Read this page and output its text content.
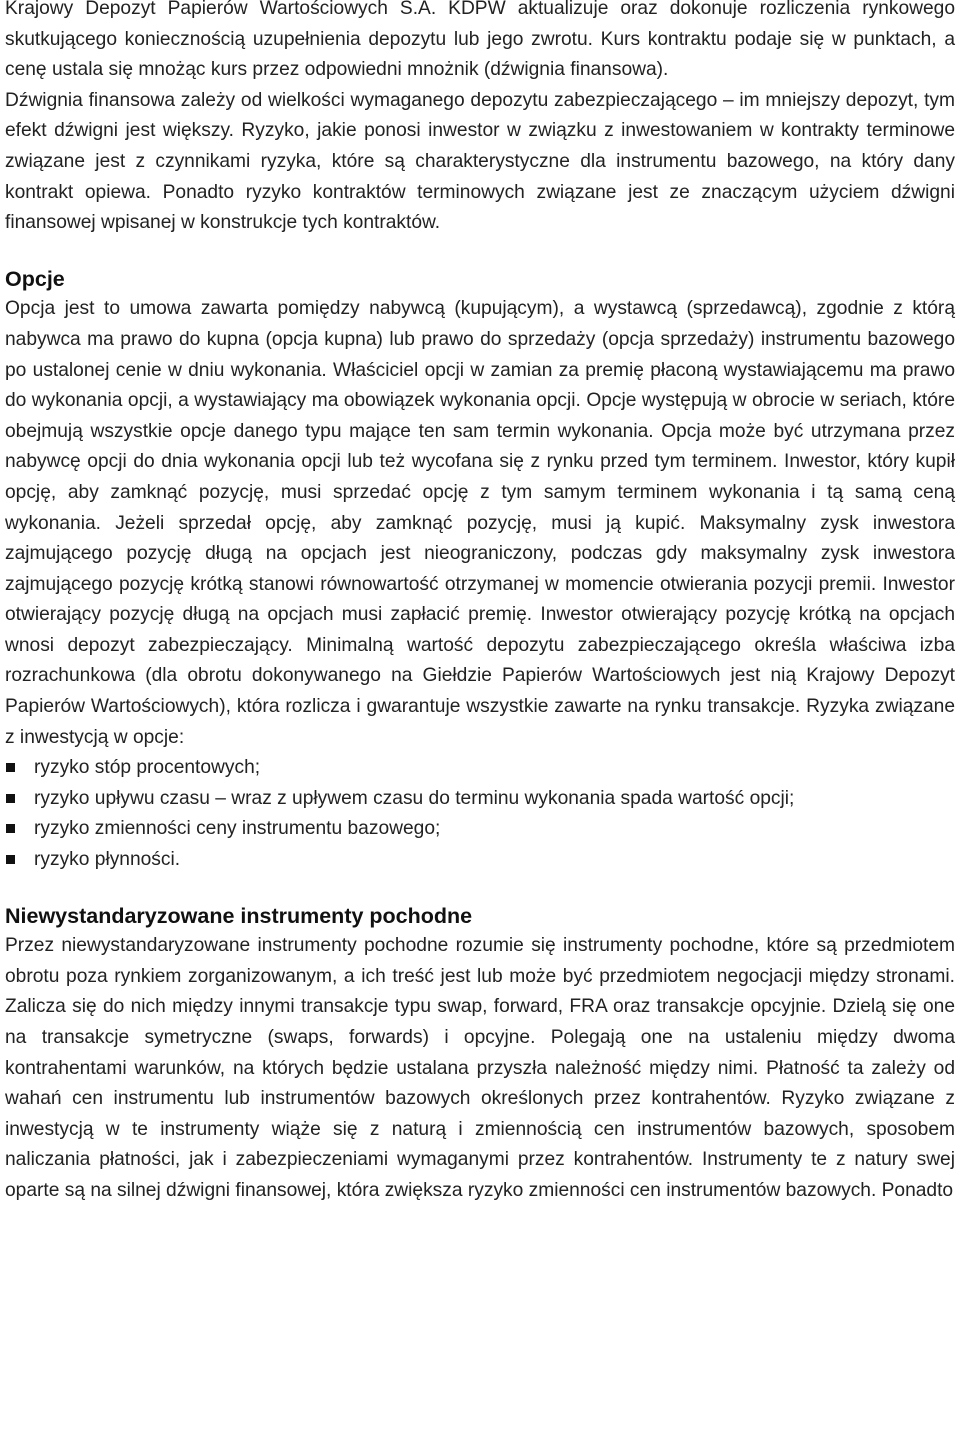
Krajowy Depozyt Papierów Wartościowych S.A. KDPW aktualizuje oraz dokonuje rozliczenia rynkowego skutkującego koniecznością uzupełnienia depozytu lub jego zwrotu. Kurs kontraktu podaje się w punktach, a cenę ustala się mnożąc kurs przez odpowiedni mnożnik (dźwignia finansowa).

Dźwignia finansowa zależy od wielkości wymaganego depozytu zabezpieczającego – im mniejszy depozyt, tym efekt dźwigni jest większy. Ryzyko, jakie ponosi inwestor w związku z inwestowaniem w kontrakty terminowe związane jest z czynnikami ryzyka, które są charakterystyczne dla instrumentu bazowego, na który dany kontrakt opiewa. Ponadto ryzyko kontraktów terminowych związane jest ze znaczącym użyciem dźwigni finansowej wpisanej w konstrukcje tych kontraktów.

Opcje

Opcja jest to umowa zawarta pomiędzy nabywcą (kupującym), a wystawcą (sprzedawcą), zgodnie z którą nabywca ma prawo do kupna (opcja kupna) lub prawo do sprzedaży (opcja sprzedaży) instrumentu bazowego po ustalonej cenie w dniu wykonania. Właściciel opcji w zamian za premię płaconą wystawiającemu ma prawo do wykonania opcji, a wystawiający ma obowiązek wykonania opcji. Opcje występują w obrocie w seriach, które obejmują wszystkie opcje danego typu mające ten sam termin wykonania. Opcja może być utrzymana przez nabywcę opcji do dnia wykonania opcji lub też wycofana się z rynku przed tym terminem. Inwestor, który kupił opcję, aby zamknąć pozycję, musi sprzedać opcję z tym samym terminem wykonania i tą samą ceną wykonania. Jeżeli sprzedał opcję, aby zamknąć pozycję, musi ją kupić. Maksymalny zysk inwestora zajmującego pozycję długą na opcjach jest nieograniczony, podczas gdy maksymalny zysk inwestora zajmującego pozycję krótką stanowi równowartość otrzymanej w momencie otwierania pozycji premii. Inwestor otwierający pozycję długą na opcjach musi zapłacić premię. Inwestor otwierający pozycję krótką na opcjach wnosi depozyt zabezpieczający. Minimalną wartość depozytu zabezpieczającego określa właściwa izba rozrachunkowa (dla obrotu dokonywanego na Giełdzie Papierów Wartościowych jest nią Krajowy Depozyt Papierów Wartościowych), która rozlicza i gwarantuje wszystkie zawarte na rynku transakcje. Ryzyka związane z inwestycją w opcje:

ryzyko stóp procentowych;
ryzyko upływu czasu – wraz z upływem czasu do terminu wykonania spada wartość opcji;
ryzyko zmienności ceny instrumentu bazowego;
ryzyko płynności.
Niewystandaryzowane instrumenty pochodne

Przez niewystandaryzowane instrumenty pochodne rozumie się instrumenty pochodne, które są przedmiotem obrotu poza rynkiem zorganizowanym, a ich treść jest lub może być przedmiotem negocjacji między stronami. Zalicza się do nich między innymi transakcje typu swap, forward, FRA oraz transakcje opcyjnie. Dzielą się one na transakcje symetryczne (swaps, forwards) i opcyjne. Polegają one na ustaleniu między dwoma kontrahentami warunków, na których będzie ustalana przyszła należność między nimi. Płatność ta zależy od wahań cen instrumentu lub instrumentów bazowych określonych przez kontrahentów. Ryzyko związane z inwestycją w te instrumenty wiąże się z naturą i zmiennością cen instrumentów bazowych, sposobem naliczania płatności, jak i zabezpieczeniami wymaganymi przez kontrahentów. Instrumenty te z natury swej oparte są na silnej dźwigni finansowej, która zwiększa ryzyko zmienności cen instrumentów bazowych. Ponadto
